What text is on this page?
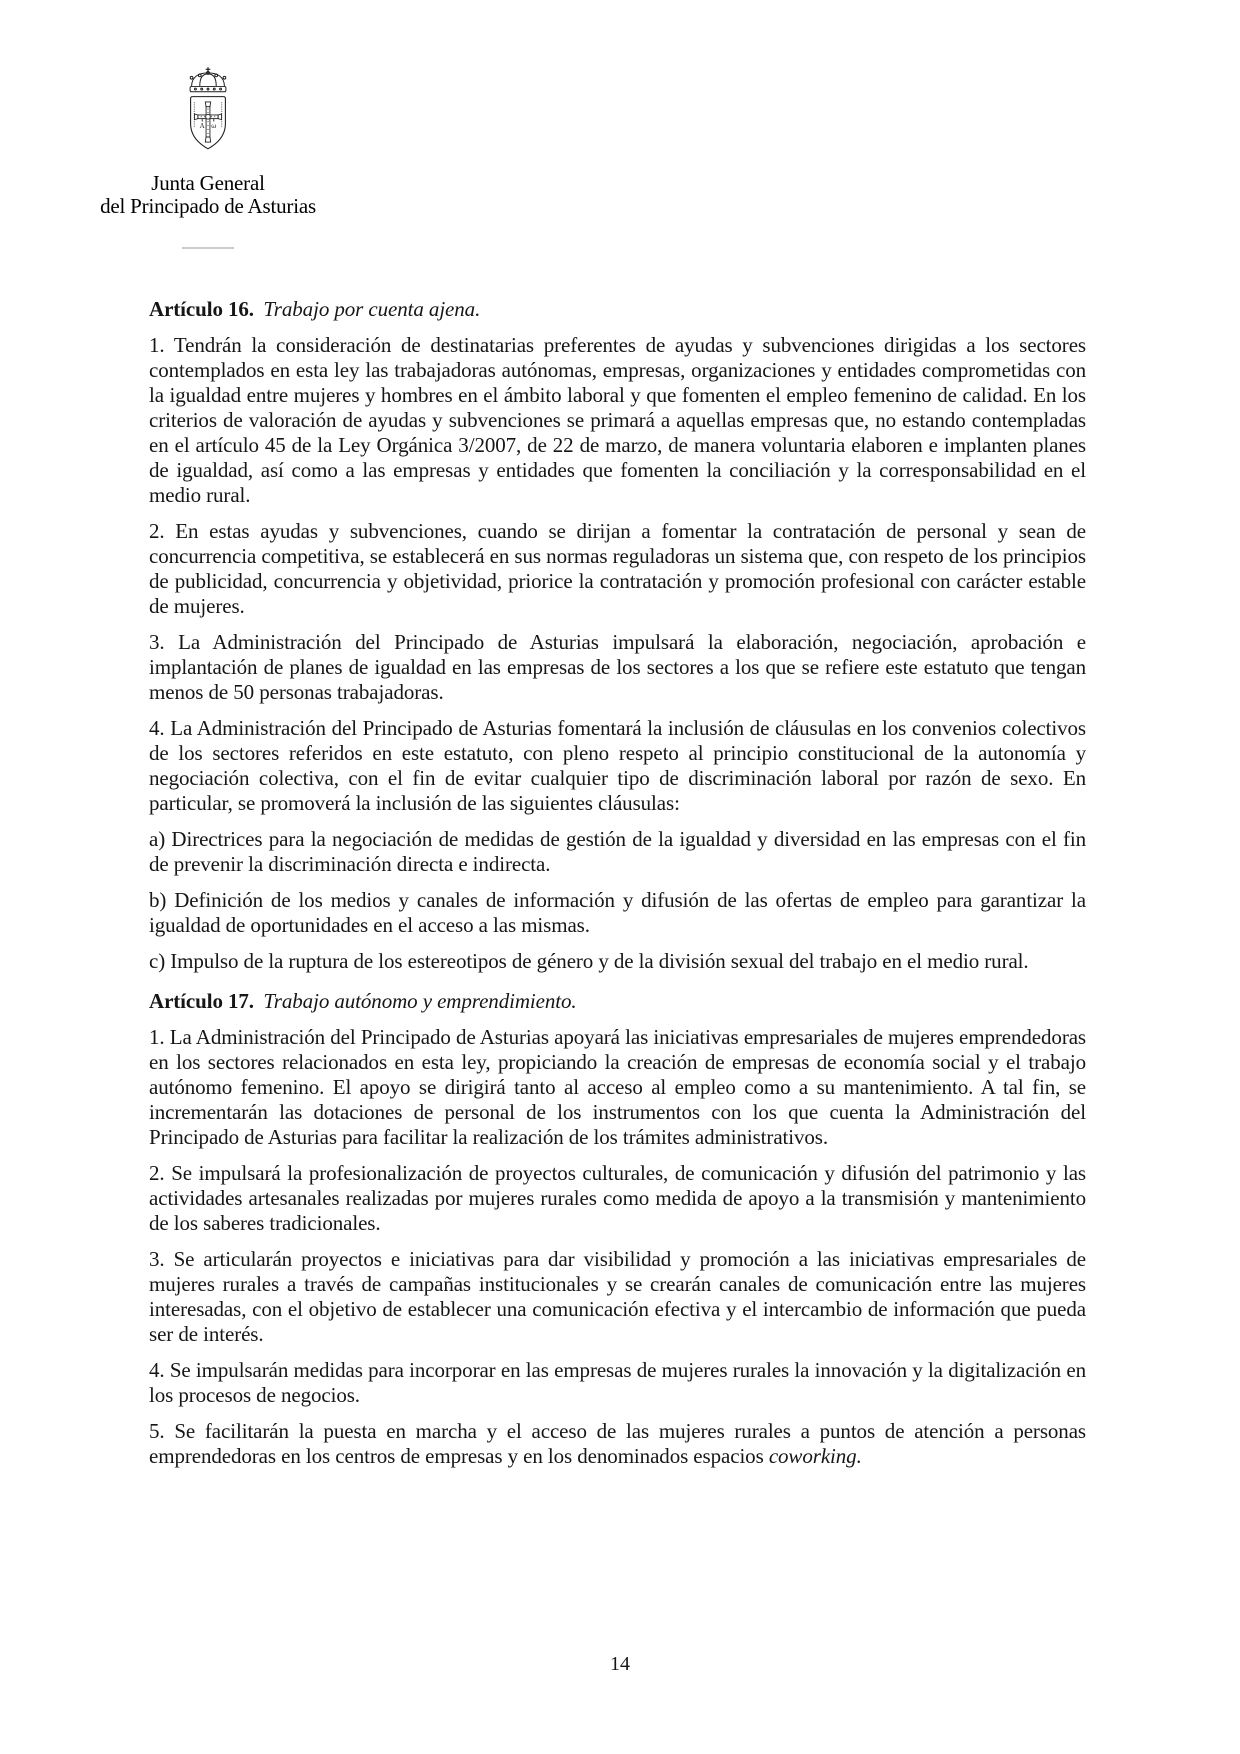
A ω
Junta General
del Principado de Asturias

Artículo 16. Trabajo por cuenta ajena.

1. Tendrán la consideración de destinatarias preferentes de ayudas y subvenciones dirigidas a los sectores contemplados en esta ley las trabajadoras autónomas, empresas, organizaciones y entidades comprometidas con la igualdad entre mujeres y hombres en el ámbito laboral y que fomenten el empleo femenino de calidad. En los criterios de valoración de ayudas y subvenciones se primará a aquellas empresas que, no estando contempladas en el artículo 45 de la Ley Orgánica 3/2007, de 22 de marzo, de manera voluntaria elaboren e implanten planes de igualdad, así como a las empresas y entidades que fomenten la conciliación y la corresponsabilidad en el medio rural.

2. En estas ayudas y subvenciones, cuando se dirijan a fomentar la contratación de personal y sean de concurrencia competitiva, se establecerá en sus normas reguladoras un sistema que, con respeto de los principios de publicidad, concurrencia y objetividad, priorice la contratación y promoción profesional con carácter estable de mujeres.

3. La Administración del Principado de Asturias impulsará la elaboración, negociación, aprobación e implantación de planes de igualdad en las empresas de los sectores a los que se refiere este estatuto que tengan menos de 50 personas trabajadoras.

4. La Administración del Principado de Asturias fomentará la inclusión de cláusulas en los convenios colectivos de los sectores referidos en este estatuto, con pleno respeto al principio constitucional de la autonomía y negociación colectiva, con el fin de evitar cualquier tipo de discriminación laboral por razón de sexo. En particular, se promoverá la inclusión de las siguientes cláusulas:

a) Directrices para la negociación de medidas de gestión de la igualdad y diversidad en las empresas con el fin de prevenir la discriminación directa e indirecta.

b) Definición de los medios y canales de información y difusión de las ofertas de empleo para garantizar la igualdad de oportunidades en el acceso a las mismas.

c) Impulso de la ruptura de los estereotipos de género y de la división sexual del trabajo en el medio rural.

Artículo 17. Trabajo autónomo y emprendimiento.

1. La Administración del Principado de Asturias apoyará las iniciativas empresariales de mujeres emprendedoras en los sectores relacionados en esta ley, propiciando la creación de empresas de economía social y el trabajo autónomo femenino. El apoyo se dirigirá tanto al acceso al empleo como a su mantenimiento. A tal fin, se incrementarán las dotaciones de personal de los instrumentos con los que cuenta la Administración del Principado de Asturias para facilitar la realización de los trámites administrativos.

2. Se impulsará la profesionalización de proyectos culturales, de comunicación y difusión del patrimonio y las actividades artesanales realizadas por mujeres rurales como medida de apoyo a la transmisión y mantenimiento de los saberes tradicionales.

3. Se articularán proyectos e iniciativas para dar visibilidad y promoción a las iniciativas empresariales de mujeres rurales a través de campañas institucionales y se crearán canales de comunicación entre las mujeres interesadas, con el objetivo de establecer una comunicación efectiva y el intercambio de información que pueda ser de interés.

4. Se impulsarán medidas para incorporar en las empresas de mujeres rurales la innovación y la digitalización en los procesos de negocios.

5. Se facilitarán la puesta en marcha y el acceso de las mujeres rurales a puntos de atención a personas emprendedoras en los centros de empresas y en los denominados espacios coworking.

14
